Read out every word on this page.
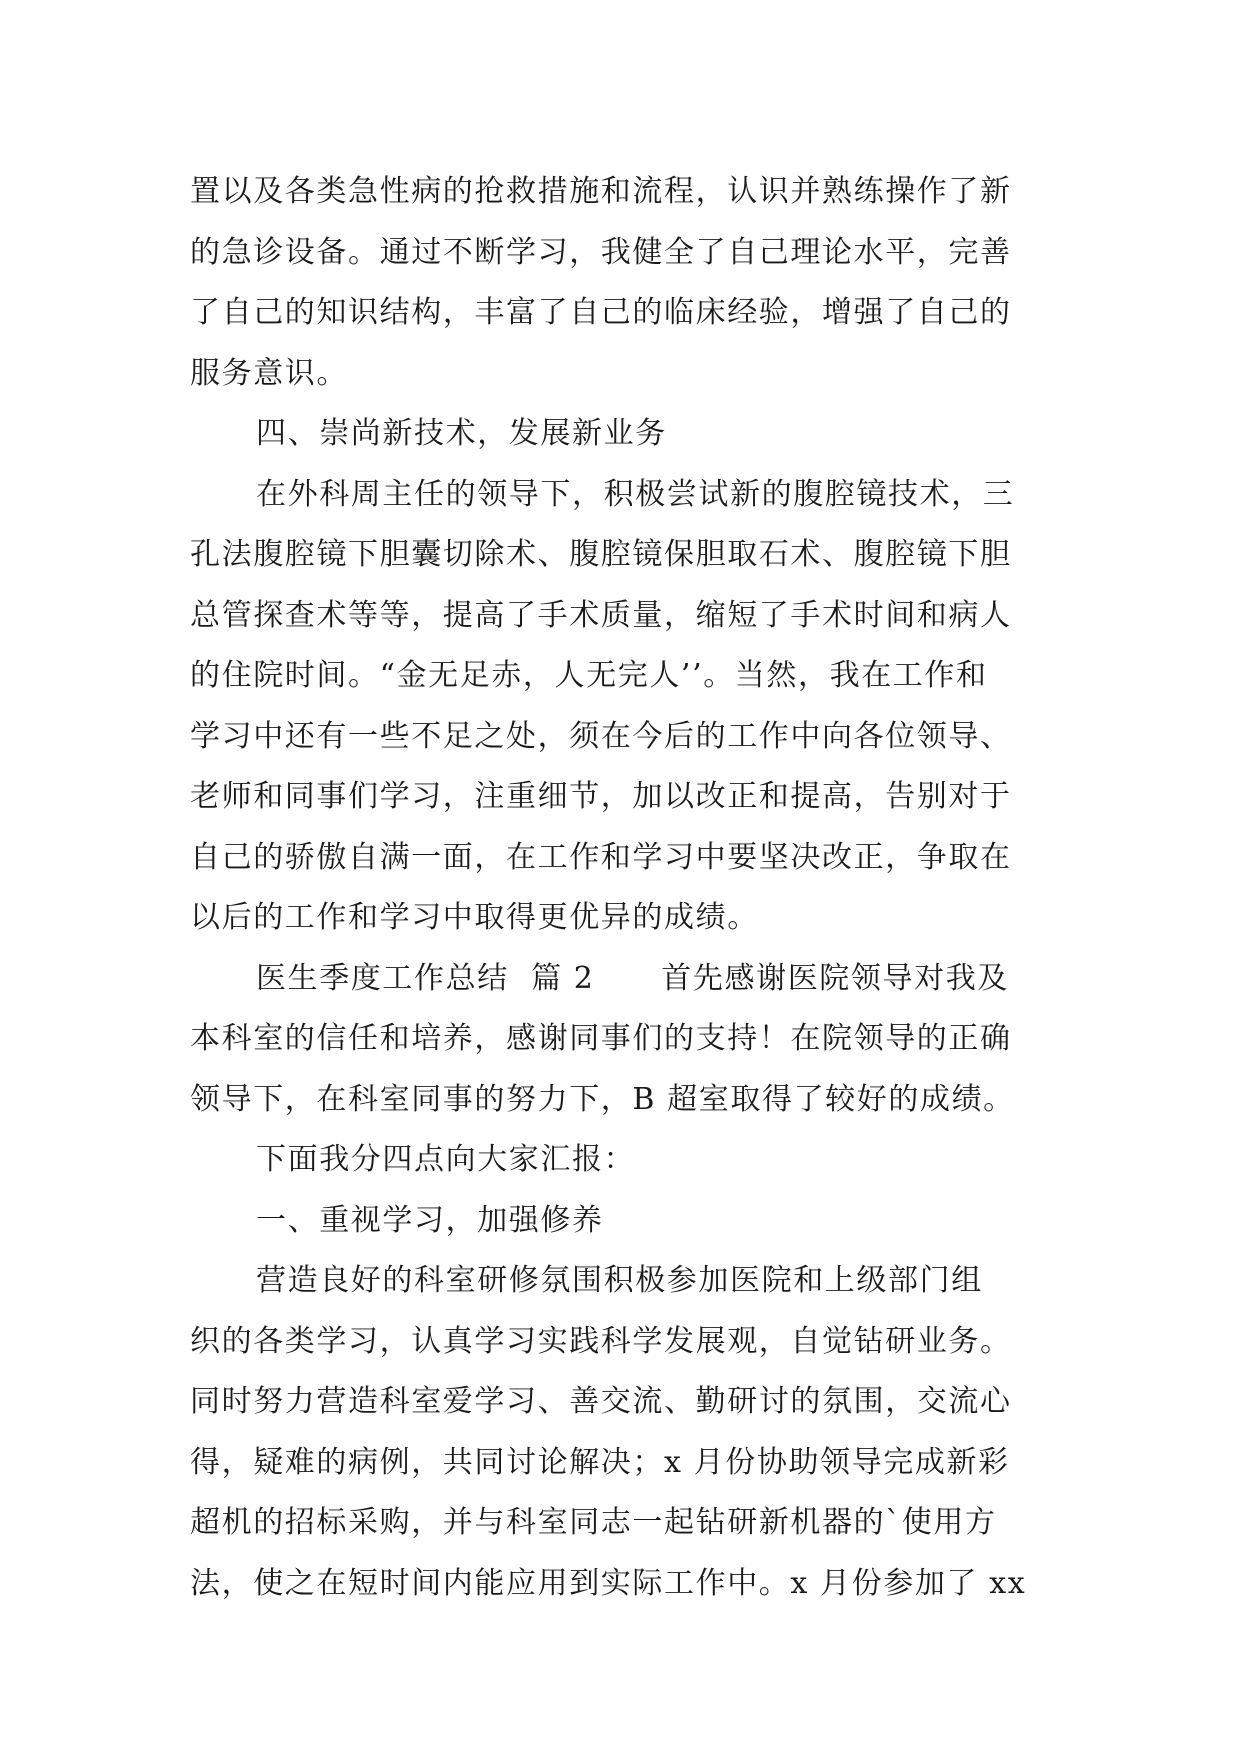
置以及各类急性病的抢救措施和流程，认识并熟练操作了新
的急诊设备。通过不断学习，我健全了自己理论水平，完善
了自己的知识结构，丰富了自己的临床经验，增强了自己的
服务意识。
四、崇尚新技术，发展新业务
在外科周主任的领导下，积极尝试新的腹腔镜技术，三
孔法腹腔镜下胆囊切除术、腹腔镜保胆取石术、腹腔镜下胆
总管探查术等等，提高了手术质量，缩短了手术时间和病人
的住院时间。“金无足赤，人无完人’’。当然，我在工作和
学习中还有一些不足之处，须在今后的工作中向各位领导、
老师和同事们学习，注重细节，加以改正和提高，告别对于
自己的骄傲自满一面，在工作和学习中要坚决改正，争取在
以后的工作和学习中取得更优异的成绩。
医生季度工作总结  篇 2      首先感谢医院领导对我及
本科室的信任和培养，感谢同事们的支持！在院领导的正确
领导下，在科室同事的努力下，B 超室取得了较好的成绩。
下面我分四点向大家汇报：
一、重视学习，加强修养
营造良好的科室研修氛围积极参加医院和上级部门组
织的各类学习，认真学习实践科学发展观，自觉钻研业务。
同时努力营造科室爱学习、善交流、勤研讨的氛围，交流心
得，疑难的病例，共同讨论解决；x 月份协助领导完成新彩
超机的招标采购，并与科室同志一起钻研新机器的`使用方
法，使之在短时间内能应用到实际工作中。x 月份参加了 xx
